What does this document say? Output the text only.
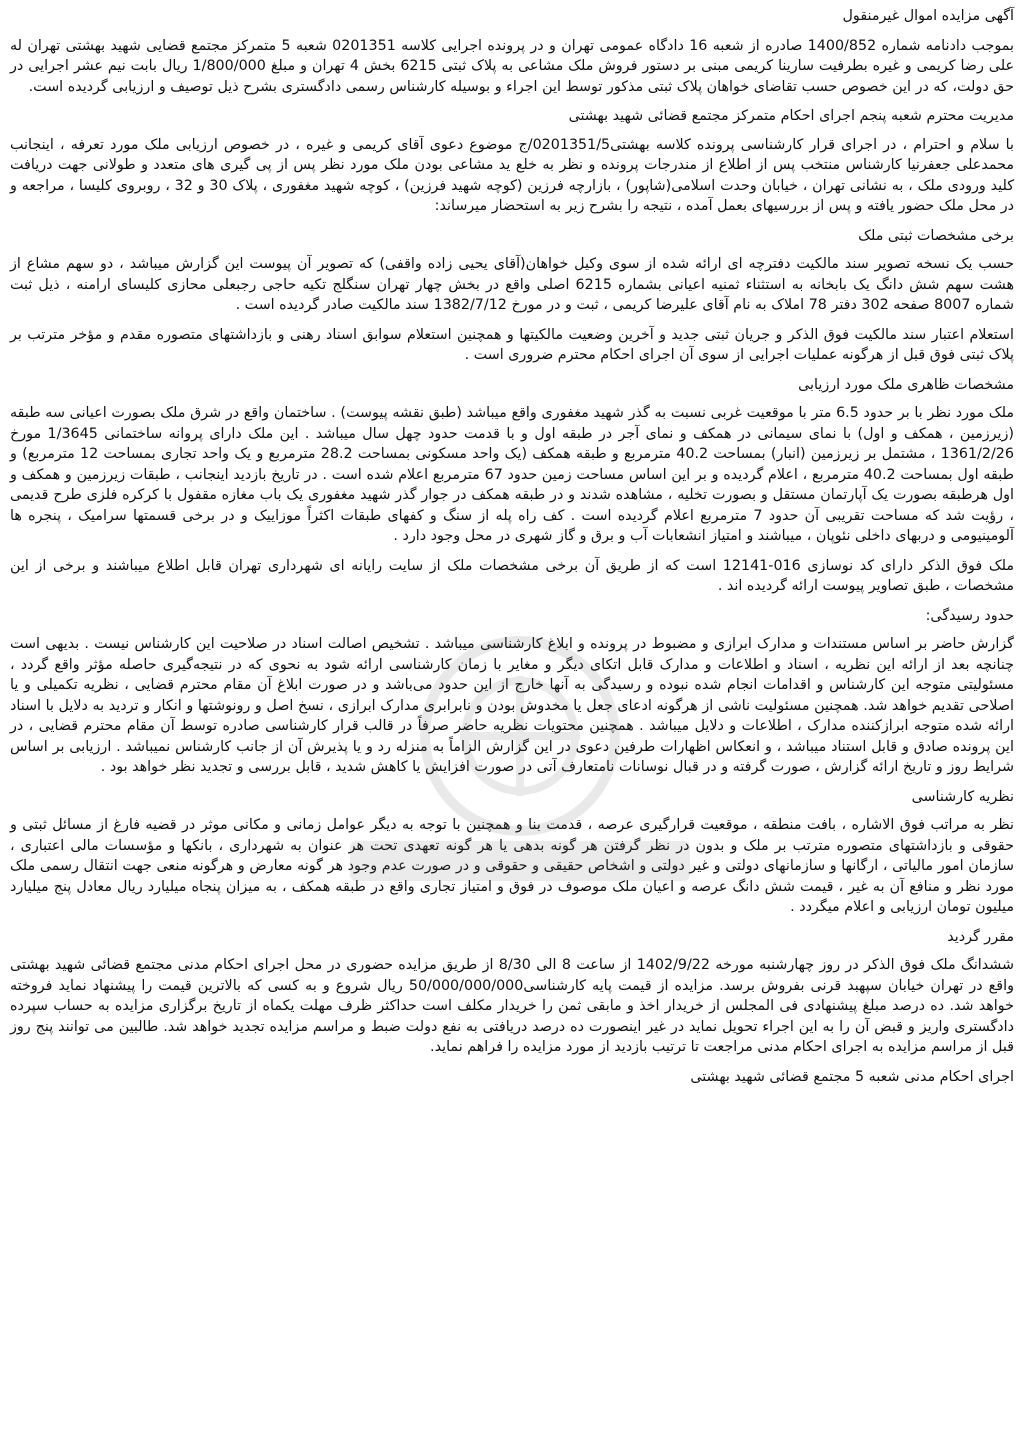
آگهی مزایده اموال غیرمنقول

بموجب دادنامه شماره 1400/852 صادره از شعبه 16 دادگاه عمومی تهران و در پرونده اجرایی کلاسه 0201351 شعبه 5 متمرکز مجتمع قضایی شهید بهشتی تهران له علی رضا کریمی و غیره بطرفیت سارینا کریمی مبنی بر دستور فروش ملک مشاعی به پلاک ثبتی 6215 بخش 4 تهران و مبلغ 1/800/000 ریال بابت نیم عشر اجرایی در حق دولت، که در این خصوص حسب تقاضای خواهان پلاک ثبتی مذکور توسط این اجراء و بوسیله کارشناس رسمی دادگستری بشرح ذیل توصیف و ارزیابی گردیده است.

مدیریت محترم شعبه پنجم اجرای احکام متمرکز مجتمع قضائی شهید بهشتی

با سلام و احترام ، در اجرای قرار کارشناسی پرونده کلاسه بهشتی0201351/5/ج موضوع دعوی آقای کریمی و غیره ، در خصوص ارزیابی ملک مورد تعرفه ، اینجانب محمدعلی جعفرنیا کارشناس منتخب پس از اطلاع از مندرجات پرونده و نظر به خلع ید مشاعی بودن ملک مورد نظر پس از پی گیری های متعدد و طولانی جهت دریافت کلید ورودی ملک ، به نشانی تهران ، خیابان وحدت اسلامی(شاپور) ، بازارچه فرزین (کوچه شهید فرزین) ، کوچه شهید مغفوری ، پلاک 30 و 32 ، روبروی کلیسا ، مراجعه و در محل ملک حضور یافته و پس از بررسیهای بعمل آمده ، نتیجه را بشرح زیر به استحضار میرساند:

برخی مشخصات ثبتی ملک

حسب یک نسخه تصویر سند مالکیت دفترچه ای ارائه شده از سوی وکیل خواهان(آقای یحیی زاده واقفی) که تصویر آن پیوست این گزارش میباشد ، دو سهم مشاع از هشت سهم شش دانگ یک بابخانه به استثناء ثمنیه اعیانی بشماره 6215 اصلی واقع در بخش چهار تهران سنگلج تکیه حاجی رجبعلی محازی کلیسای ارامنه ، ذیل ثبت شماره 8007 صفحه 302 دفتر 78 املاک به نام آقای علیرضا کریمی ، ثبت و در مورخ 1382/7/12 سند مالکیت صادر گردیده است .

استعلام اعتبار سند مالکیت فوق الذکر و جریان ثبتی جدید و آخرین وضعیت مالکیتها و همچنین استعلام سوابق اسناد رهنی و بازداشتهای متصوره مقدم و مؤخر مترتب بر پلاک ثبتی فوق قبل از هرگونه عملیات اجرایی از سوی آن اجرای احکام محترم ضروری است .

مشخصات ظاهری ملک مورد ارزیابی

ملک مورد نظر با بر حدود 6.5 متر با موقعیت غربی نسبت به گذر شهید مغفوری واقع میباشد (طبق نقشه پیوست) . ساختمان واقع در شرق ملک بصورت اعیانی سه طبقه (زیرزمین ، همکف و اول) با نمای سیمانی در همکف و نمای آجر در طبقه اول و با قدمت حدود چهل سال میباشد . این ملک دارای پروانه ساختمانی 1/3645 مورخ 1361/2/26 ، مشتمل بر زیرزمین (انبار) بمساحت 40.2 مترمربع و طبقه همکف (یک واحد مسکونی بمساحت 28.2 مترمربع و یک واحد تجاری بمساحت 12 مترمربع) و طبقه اول بمساحت 40.2 مترمربع ، اعلام گردیده و بر این اساس مساحت زمین حدود 67 مترمربع اعلام شده است . در تاریخ بازدید اینجانب ، طبقات زیرزمین و همکف و اول هرطبقه بصورت یک آپارتمان مستقل و بصورت تخلیه ، مشاهده شدند و در طبقه همکف در جوار گذر شهید مغفوری یک باب مغازه مقفول با کرکره فلزی طرح قدیمی ، رؤیت شد که مساحت تقریبی آن حدود 7 مترمربع اعلام گردیده است . کف راه پله از سنگ و کفهای طبقات اکثراً موزاییک و در برخی قسمتها سرامیک ، پنجره ها آلومینیومی و دربهای داخلی نئوپان ، میباشند و امتیاز انشعابات آب و برق و گاز شهری در محل وجود دارد .

ملک فوق الذکر دارای کد نوسازی 016-12141 است که از طریق آن برخی مشخصات ملک از سایت رایانه ای شهرداری تهران قابل اطلاع میباشند و برخی از این مشخصات ، طبق تصاویر پیوست ارائه گردیده اند .

حدود رسیدگی:

گزارش حاضر بر اساس مستندات و مدارک ابرازی و مضبوط در پرونده و ابلاغ کارشناسی میباشد . تشخیص اصالت اسناد در صلاحیت این کارشناس نیست . بدیهی است چنانچه بعد از ارائه این نظریه ، اسناد و اطلاعات و مدارک قابل اتکای دیگر و مغایر با زمان کارشناسی ارائه شود به نحوی که در نتیجه‌گیری حاصله مؤثر واقع گردد ، مسئولیتی متوجه این کارشناس و اقدامات انجام شده نبوده و رسیدگی به آنها خارج از این حدود می‌باشد و در صورت ابلاغ آن مقام محترم قضایی ، نظریه تکمیلی و یا اصلاحی تقدیم خواهد شد. همچنین مسئولیت ناشی از هرگونه ادعای جعل یا مخدوش بودن و نابرابری مدارک ابرازی ، نسخ اصل و رونوشتها و انکار و تردید به دلایل با اسناد ارائه شده متوجه ابرازکننده مدارک ، اطلاعات و دلایل میباشد . همچنین محتویات نظریه حاضر صرفاً در قالب قرار کارشناسی صادره توسط آن مقام محترم قضایی ، در این پرونده صادق و قابل استناد میباشد ، و انعکاس اظهارات طرفین دعوی در این گزارش الزاماً به منزله رد و یا پذیرش آن از جانب کارشناس نمیباشد . ارزیابی بر اساس شرایط روز و تاریخ ارائه گزارش ، صورت گرفته و در قبال نوسانات نامتعارف آتی در صورت افزایش یا کاهش شدید ، قابل بررسی و تجدید نظر خواهد بود .

نظریه کارشناسی

نظر به مراتب فوق الاشاره ، بافت منطقه ، موقعیت قرارگیری عرصه ، قدمت بنا و همچنین با توجه به دیگر عوامل زمانی و مکانی موثر در قضیه فارغ از مسائل ثبتی و حقوقی و بازداشتهای متصوره مترتب بر ملک و بدون در نظر گرفتن هر گونه بدهی یا هر گونه تعهدی تحت هر عنوان به شهرداری ، بانکها و مؤسسات مالی اعتباری ، سازمان امور مالیاتی ، ارگانها و سازمانهای دولتی و غیر دولتی و اشخاص حقیقی و حقوقی و در صورت عدم وجود هر گونه معارض و هرگونه منعی جهت انتقال رسمی ملک مورد نظر و منافع آن به غیر ، قیمت شش دانگ عرصه و اعیان ملک موصوف در فوق و امتیاز تجاری واقع در طبقه همکف ، به میزان پنجاه میلیارد ریال معادل پنج میلیارد میلیون تومان ارزیابی و اعلام میگردد .

مقرر گردید

ششدانگ ملک فوق الذکر در روز چهارشنبه مورخه 1402/9/22 از ساعت 8 الی 8/30 از طریق مزایده حضوری در محل اجرای احکام مدنی مجتمع قضائی شهید بهشتی واقع در تهران خیابان سپهبد قرنی بفروش برسد. مزایده از قیمت پایه کارشناسی50/000/000/000 ریال شروع و به کسی که بالاترین قیمت را پیشنهاد نماید فروخته خواهد شد. ده درصد مبلغ پیشنهادی فی المجلس از خریدار اخذ و مابقی ثمن را خریدار مکلف است حداکثر ظرف مهلت یکماه از تاریخ برگزاری مزایده به حساب سپرده دادگستری واریز و قبض آن را به این اجراء تحویل نماید در غیر اینصورت ده درصد دریافتی به نفع دولت ضبط و مراسم مزایده تجدید خواهد شد. طالبین می توانند پنج روز قبل از مراسم مزایده به اجرای احکام مدنی مراجعت تا ترتیب بازدید از مورد مزایده را فراهم نماید.

اجرای احکام مدنی شعبه 5 مجتمع قضائی شهید بهشتی
